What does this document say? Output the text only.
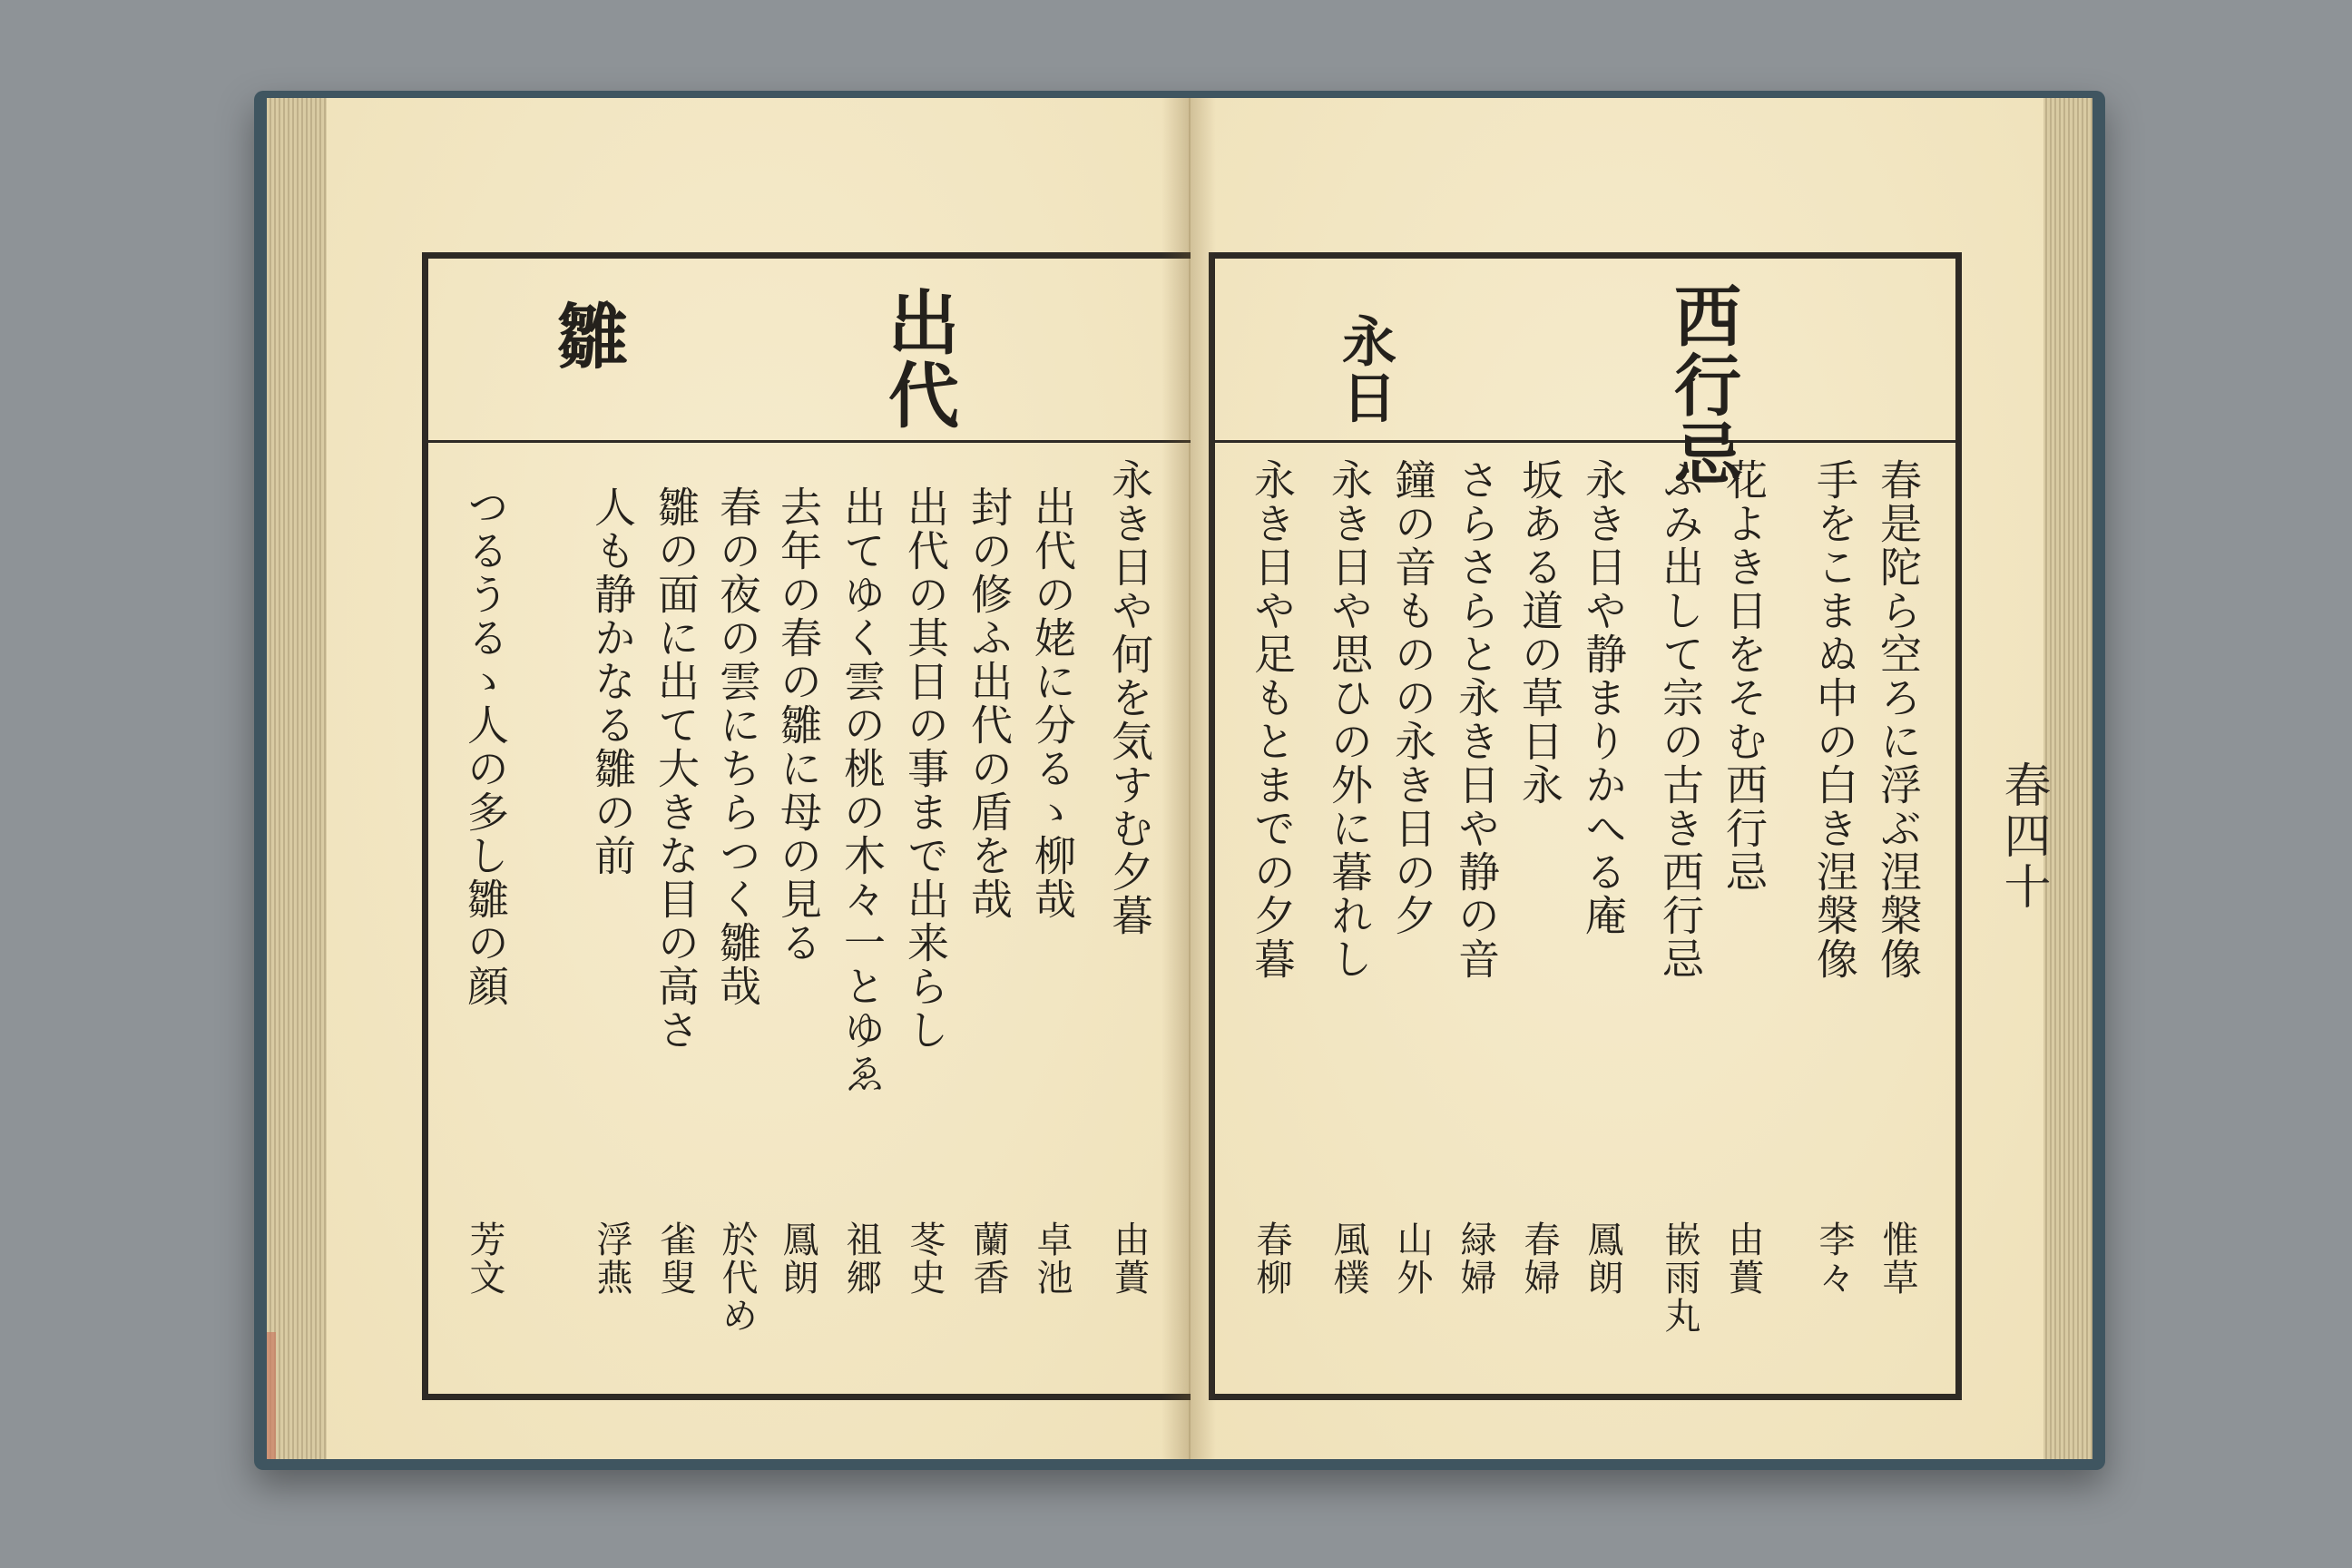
出代
雛
永き日や何を気すむ夕暮
由蕢
出代の姥に分るゝ柳哉
卓池
封の修ふ出代の盾を哉
蘭香
出代の其日の事まで出来らし
苳史
出てゆく雲の桃の木々一とゆゑ
祖郷
去年の春の雛に母の見る
鳳朗
春の夜の雲にちらつく雛哉
於代め
雛の面に出て大きな目の高さ
雀叟
人も静かなる雛の前
浮燕
つるうるゝ人の多し雛の顔
芳文
西行忌
永日
春是陀ら空ろに浮ぶ涅槃像
惟草
手をこまぬ中の白き涅槃像
李々
花よき日をそむ西行忌
由蕢
ふみ出して宗の古き西行忌
嵌雨丸
永き日や静まりかへる庵
鳳朗
坂ある道の草日永
春婦
さらさらと永き日や静の音
緑婦
鐘の音ものの永き日の夕
山外
永き日や思ひの外に暮れし
風樸
永き日や足もとまでの夕暮
春柳
春四十
